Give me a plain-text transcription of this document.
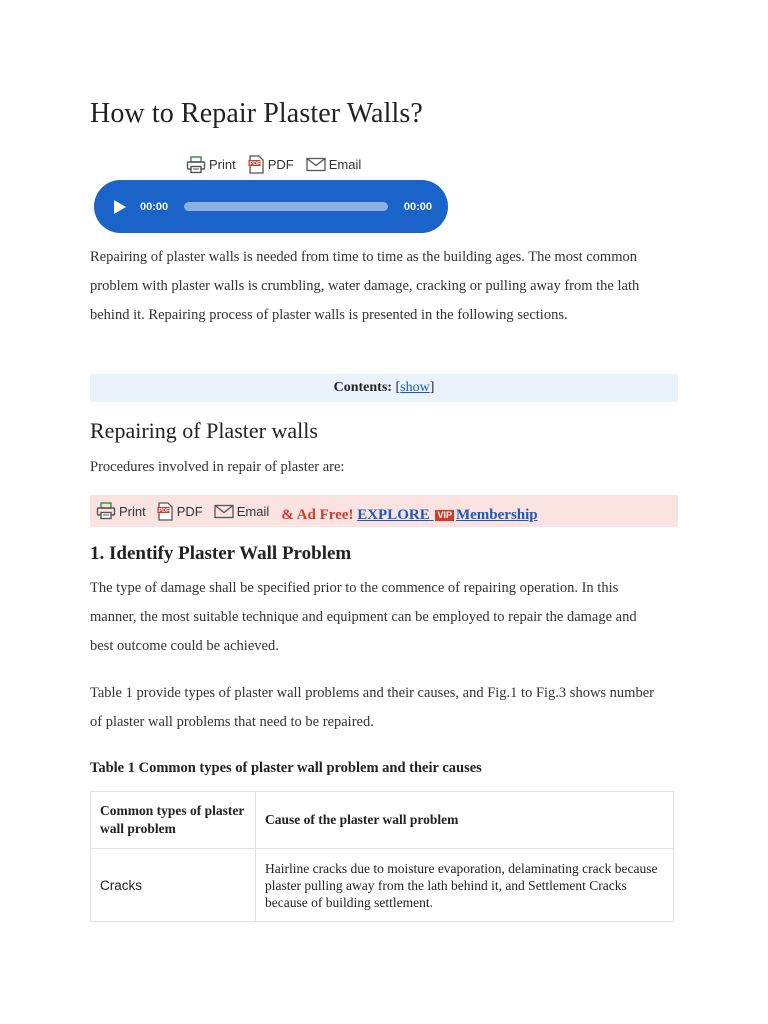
How to Repair Plaster Walls?
Print PDF PDF	Email
00:00	00:00

Repairing of plaster walls is needed from time to time as the building ages. The most common problem with plaster walls is crumbling, water damage, cracking or pulling away from the lath behind it. Repairing process of plaster walls is presented in the following sections.

Contents: [show]
Repairing of Plaster walls

Procedures involved in repair of plaster are:

Print PDF PDF	Email & Ad Free! EXPLORE VIP Membership
1. Identify Plaster Wall Problem

The type of damage shall be specified prior to the commence of repairing operation. In this manner, the most suitable technique and equipment can be employed to repair the damage and best outcome could be achieved.

Table 1 provide types of plaster wall problems and their causes, and Fig.1 to Fig.3 shows number of plaster wall problems that need to be repaired.

Table 1 Common types of plaster wall problem and their causes

Common types of plaster wall problem	Cause of the plaster wall problem
Cracks	Hairline cracks due to moisture evaporation, delaminating crack because plaster pulling away from the lath behind it, and Settlement Cracks because of building settlement.
